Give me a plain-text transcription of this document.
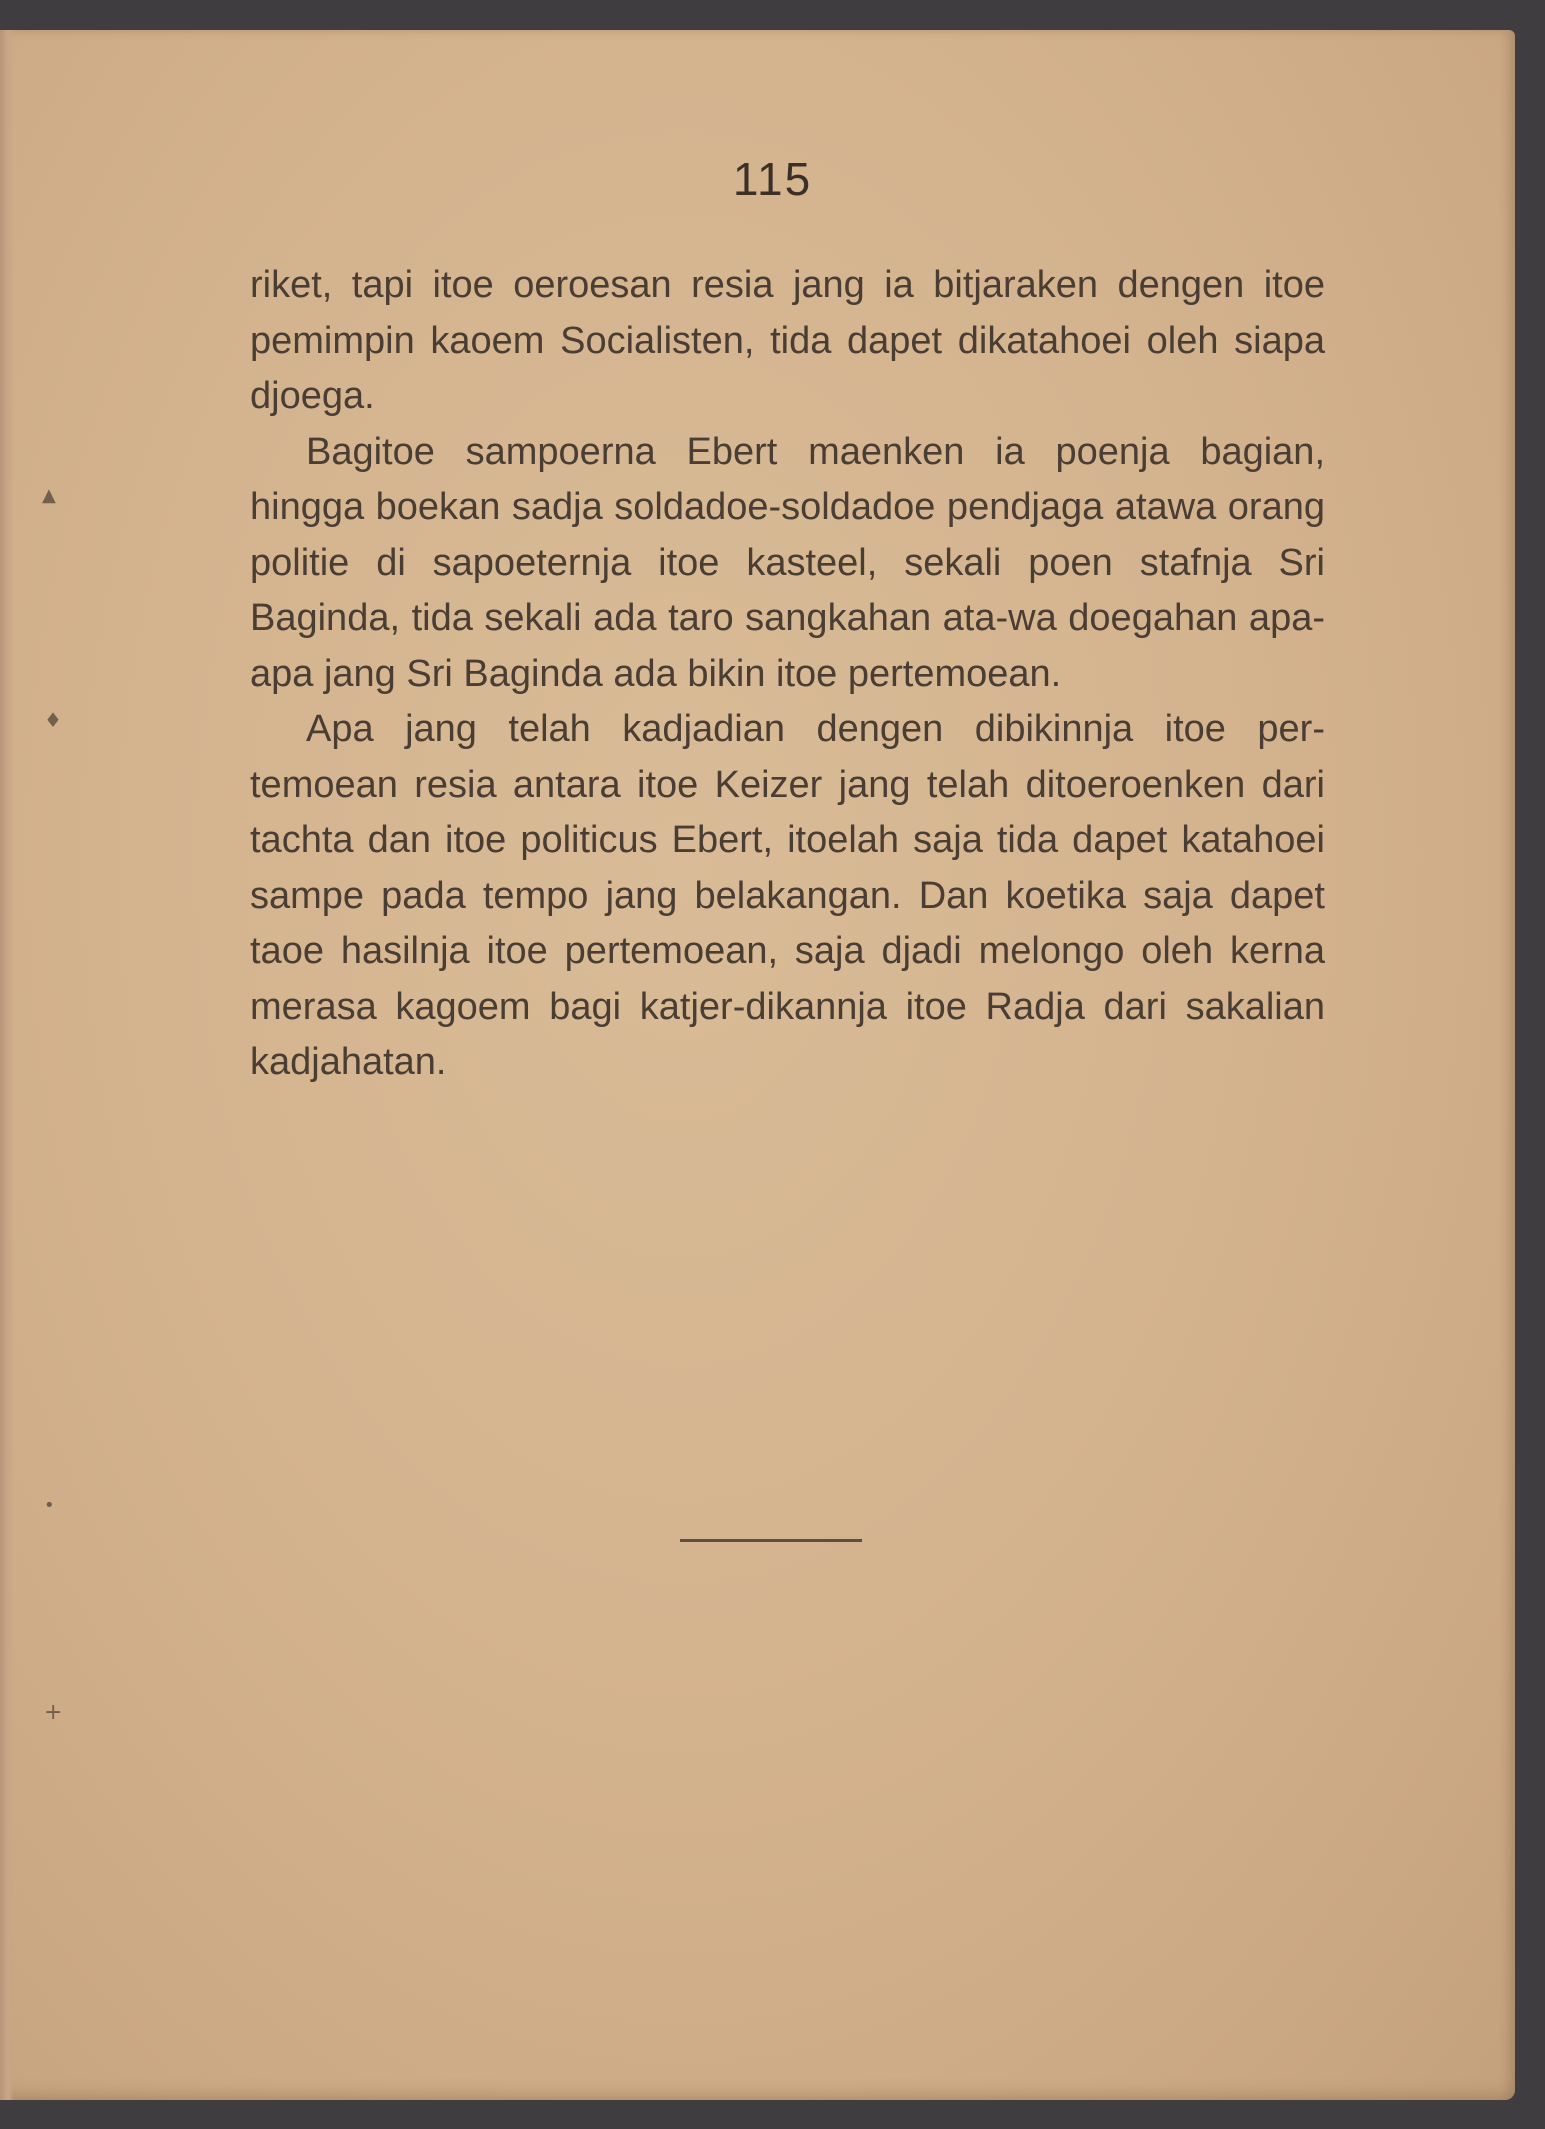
▲
♦
•
+
115

riket, tapi itoe oeroesan resia jang ia bitjaraken dengen itoe pemimpin kaoem Socialisten, tida dapet dikatahoei oleh siapa djoega.

Bagitoe sampoerna Ebert maenken ia poenja bagian, hingga boekan sadja soldadoe-soldadoe pendjaga atawa orang politie di sapoeternja itoe kasteel, sekali poen stafnja Sri Baginda, tida sekali ada taro sangkahan ata-wa doegahan apa-apa jang Sri Baginda ada bikin itoe pertemoean.

Apa jang telah kadjadian dengen dibikinnja itoe per-temoean resia antara itoe Keizer jang telah ditoeroenken dari tachta dan itoe politicus Ebert, itoelah saja tida dapet katahoei sampe pada tempo jang belakangan. Dan koetika saja dapet taoe hasilnja itoe pertemoean, saja djadi melongo oleh kerna merasa kagoem bagi katjer-dikannja itoe Radja dari sakalian kadjahatan.
